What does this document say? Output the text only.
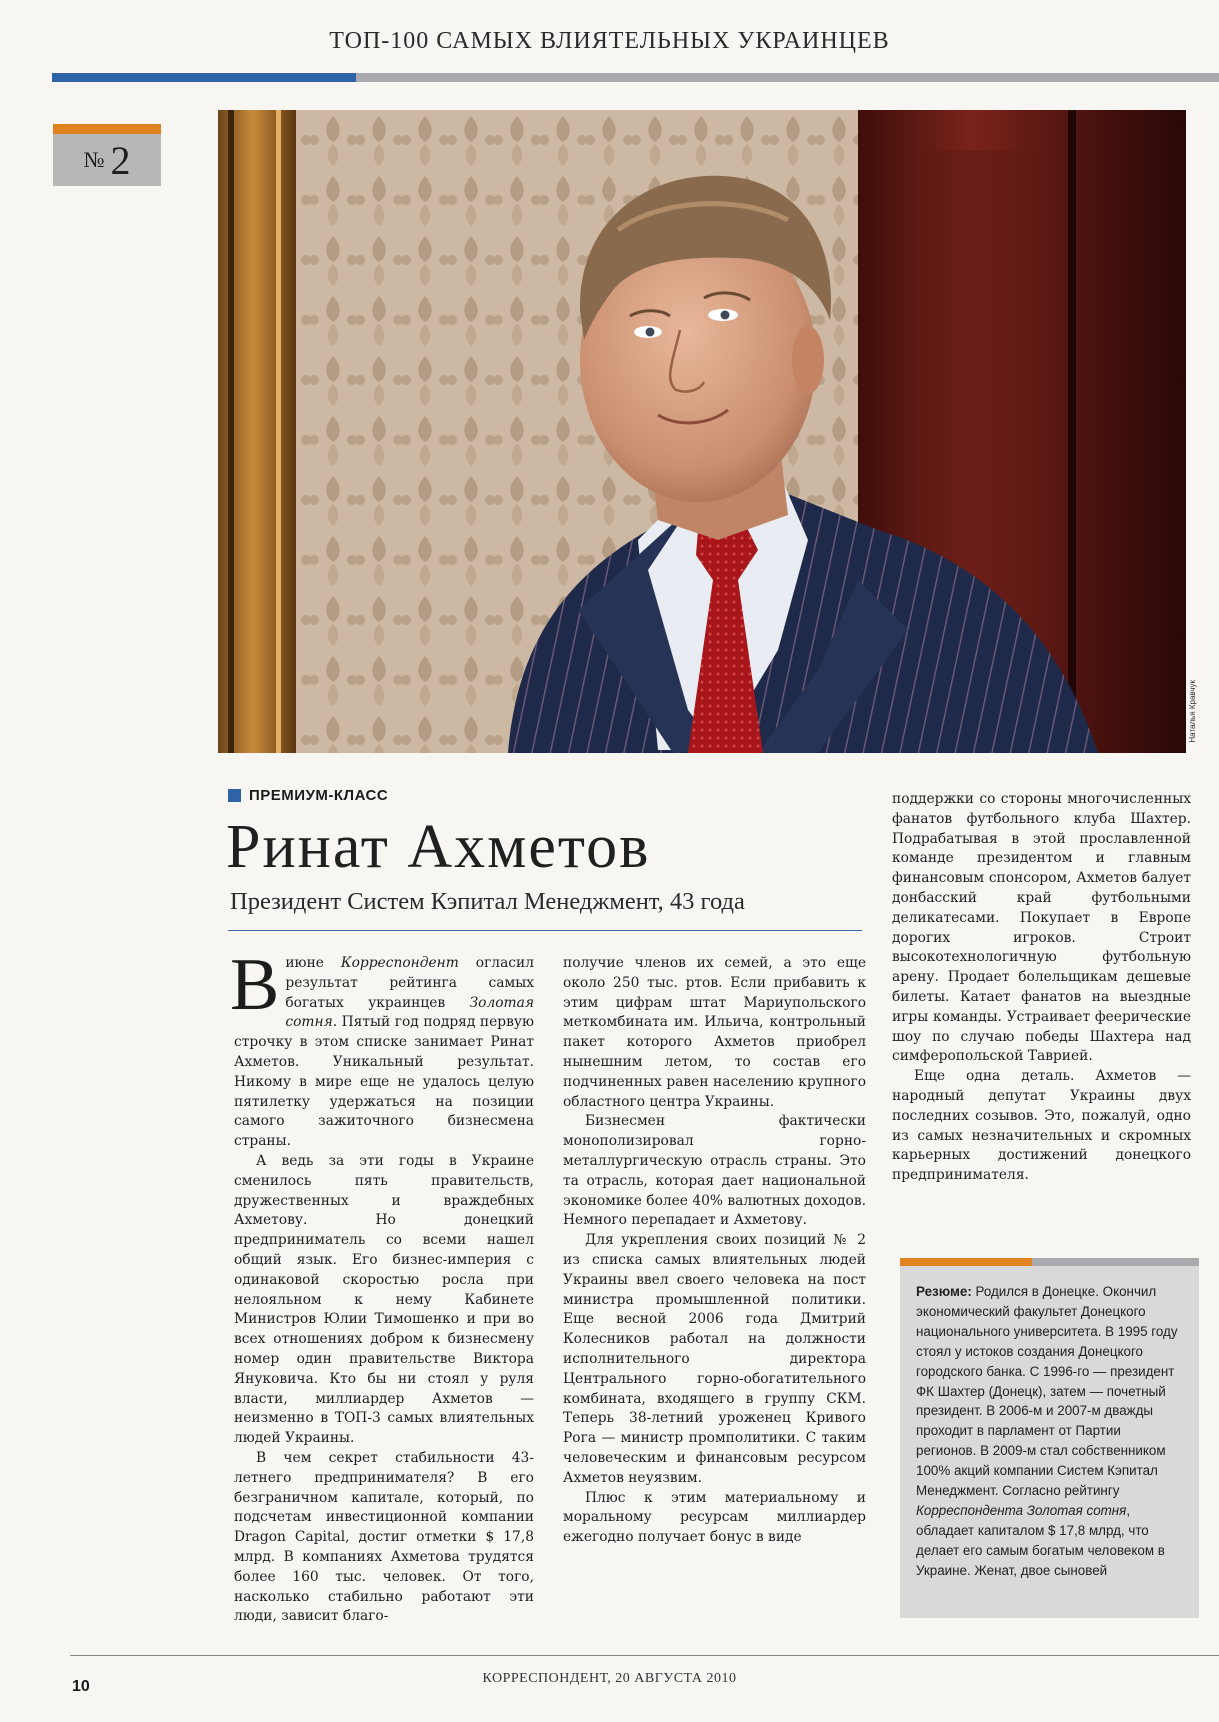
ТОП-100 САМЫХ ВЛИЯТЕЛЬНЫХ УКРАИНЦЕВ
№ 2
Наталья Кравчук
ПРЕМИУМ-КЛАСС
Ринат Ахметов
Президент Систем Кэпитал Менеджмент, 43 года

Виюне Корреспондент огласил результат рейтинга самых богатых украинцев Золотая сотня. Пятый год подряд первую строчку в этом списке занимает Ринат Ахметов. Уникальный результат. Никому в мире еще не удалось целую пятилетку удержаться на позиции самого зажиточного бизнесмена страны.

А ведь за эти годы в Украине сменилось пять правительств, дружественных и враждебных Ахметову. Но донецкий предприниматель со всеми нашел общий язык. Его бизнес-империя с одинаковой скоростью росла при нелояльном к нему Кабинете Министров Юлии Тимошенко и при во всех отношениях добром к бизнесмену номер один правительстве Виктора Януковича. Кто бы ни стоял у руля власти, миллиардер Ахметов — неизменно в ТОП-3 самых влиятельных людей Украины.

В чем секрет стабильности 43-летнего предпринимателя? В его безграничном капитале, который, по подсчетам инвестиционной компании Dragon Capital, достиг отметки $ 17,8 млрд. В компаниях Ахметова трудятся более 160 тыс. человек. От того, насколько стабильно работают эти люди, зависит благо-

получие членов их семей, а это еще около 250 тыс. ртов. Если прибавить к этим цифрам штат Мариупольского меткомбината им. Ильича, контрольный пакет которого Ахметов приобрел нынешним летом, то состав его подчиненных равен населению крупного областного центра Украины.

Бизнесмен фактически монополизировал горно-металлургическую отрасль страны. Это та отрасль, которая дает национальной экономике более 40% валютных доходов. Немного перепадает и Ахметову.

Для укрепления своих позиций № 2 из списка самых влиятельных людей Украины ввел своего человека на пост министра промышленной политики. Еще весной 2006 года Дмитрий Колесников работал на должности исполнительного директора Центрального горно-обогатительного комбината, входящего в группу СКМ. Теперь 38-летний уроженец Кривого Рога — министр промполитики. С таким человеческим и финансовым ресурсом Ахметов неуязвим.

Плюс к этим материальному и моральному ресурсам миллиардер ежегодно получает бонус в виде

поддержки со стороны многочисленных фанатов футбольного клуба Шахтер. Подрабатывая в этой прославленной команде президентом и главным финансовым спонсором, Ахметов балует донбасский край футбольными деликатесами. Покупает в Европе дорогих игроков. Строит высокотехнологичную футбольную арену. Продает болельщикам дешевые билеты. Катает фанатов на выездные игры команды. Устраивает феерические шоу по случаю победы Шахтера над симферопольской Таврией.

Еще одна деталь. Ахметов — народный депутат Украины двух последних созывов. Это, пожалуй, одно из самых незначительных и скромных карьерных достижений донецкого предпринимателя.

Резюме: Родился в Донецке. Окончил экономический факультет Донецкого национального университета. В 1995 году стоял у истоков создания Донецкого городского банка. С 1996-го — президент ФК Шахтер (Донецк), затем — почетный президент. В 2006-м и 2007-м дважды проходит в парламент от Партии регионов. В 2009-м стал собственником 100% акций компании Систем Кэпитал Менеджмент. Согласно рейтингу Корреспондента Золотая сотня, обладает капиталом $ 17,8 млрд, что делает его самым богатым человеком в Украине. Женат, двое сыновей
10	КОРРЕСПОНДЕНТ, 20 АВГУСТА 2010
